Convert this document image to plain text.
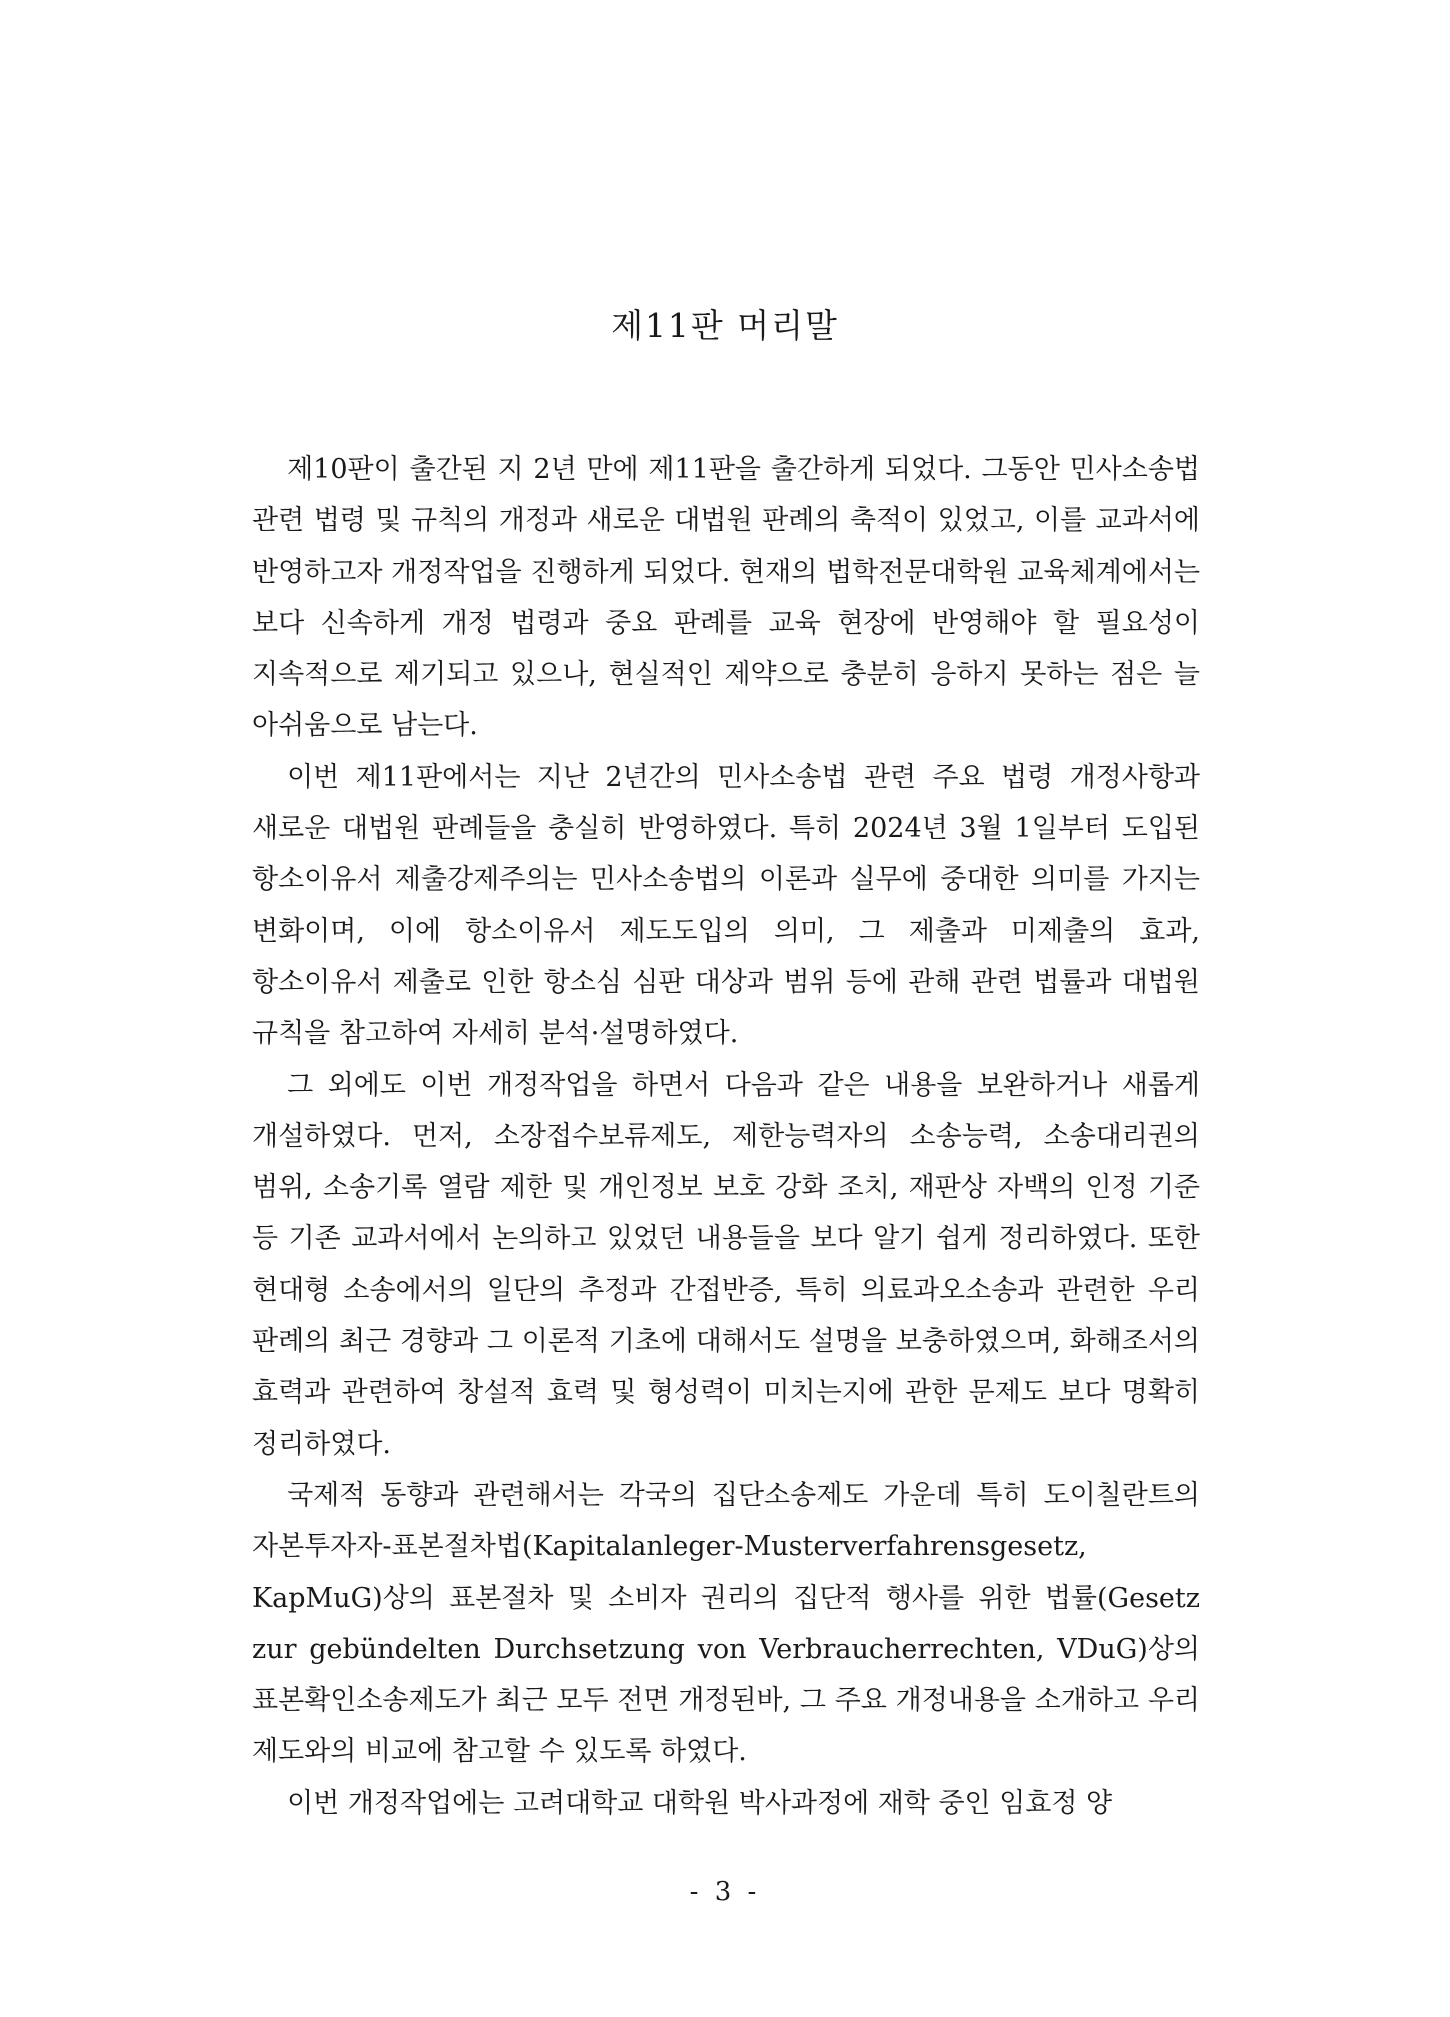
제11판 머리말

제10판이 출간된 지 2년 만에 제11판을 출간하게 되었다. 그동안 민사소송법 관련 법령 및 규칙의 개정과 새로운 대법원 판례의 축적이 있었고, 이를 교과서에 반영하고자 개정작업을 진행하게 되었다. 현재의 법학전문대학원 교육체계에서는 보다 신속하게 개정 법령과 중요 판례를 교육 현장에 반영해야 할 필요성이 지속적으로 제기되고 있으나, 현실적인 제약으로 충분히 응하지 못하는 점은 늘 아쉬움으로 남는다.

이번 제11판에서는 지난 2년간의 민사소송법 관련 주요 법령 개정사항과 새로운 대법원 판례들을 충실히 반영하였다. 특히 2024년 3월 1일부터 도입된 항소이유서 제출강제주의는 민사소송법의 이론과 실무에 중대한 의미를 가지는 변화이며, 이에 항소이유서 제도도입의 의미, 그 제출과 미제출의 효과, 항소이유서 제출로 인한 항소심 심판 대상과 범위 등에 관해 관련 법률과 대법원 규칙을 참고하여 자세히 분석·설명하였다.

그 외에도 이번 개정작업을 하면서 다음과 같은 내용을 보완하거나 새롭게 개설하였다. 먼저, 소장접수보류제도, 제한능력자의 소송능력, 소송대리권의 범위, 소송기록 열람 제한 및 개인정보 보호 강화 조치, 재판상 자백의 인정 기준 등 기존 교과서에서 논의하고 있었던 내용들을 보다 알기 쉽게 정리하였다. 또한 현대형 소송에서의 일단의 추정과 간접반증, 특히 의료과오소송과 관련한 우리 판례의 최근 경향과 그 이론적 기초에 대해서도 설명을 보충하였으며, 화해조서의 효력과 관련하여 창설적 효력 및 형성력이 미치는지에 관한 문제도 보다 명확히 정리하였다.

국제적 동향과 관련해서는 각국의 집단소송제도 가운데 특히 도이칠란트의 자본투자자-표본절차법(Kapitalanleger-Musterverfahrensgesetz, KapMuG)상의 표본절차 및 소비자 권리의 집단적 행사를 위한 법률(Gesetz zur gebündelten Durchsetzung von Verbraucherrechten, VDuG)상의 표본확인소송제도가 최근 모두 전면 개정된바, 그 주요 개정내용을 소개하고 우리 제도와의 비교에 참고할 수 있도록 하였다.

이번 개정작업에는 고려대학교 대학원 박사과정에 재학 중인 임효정 양

- 3 -
